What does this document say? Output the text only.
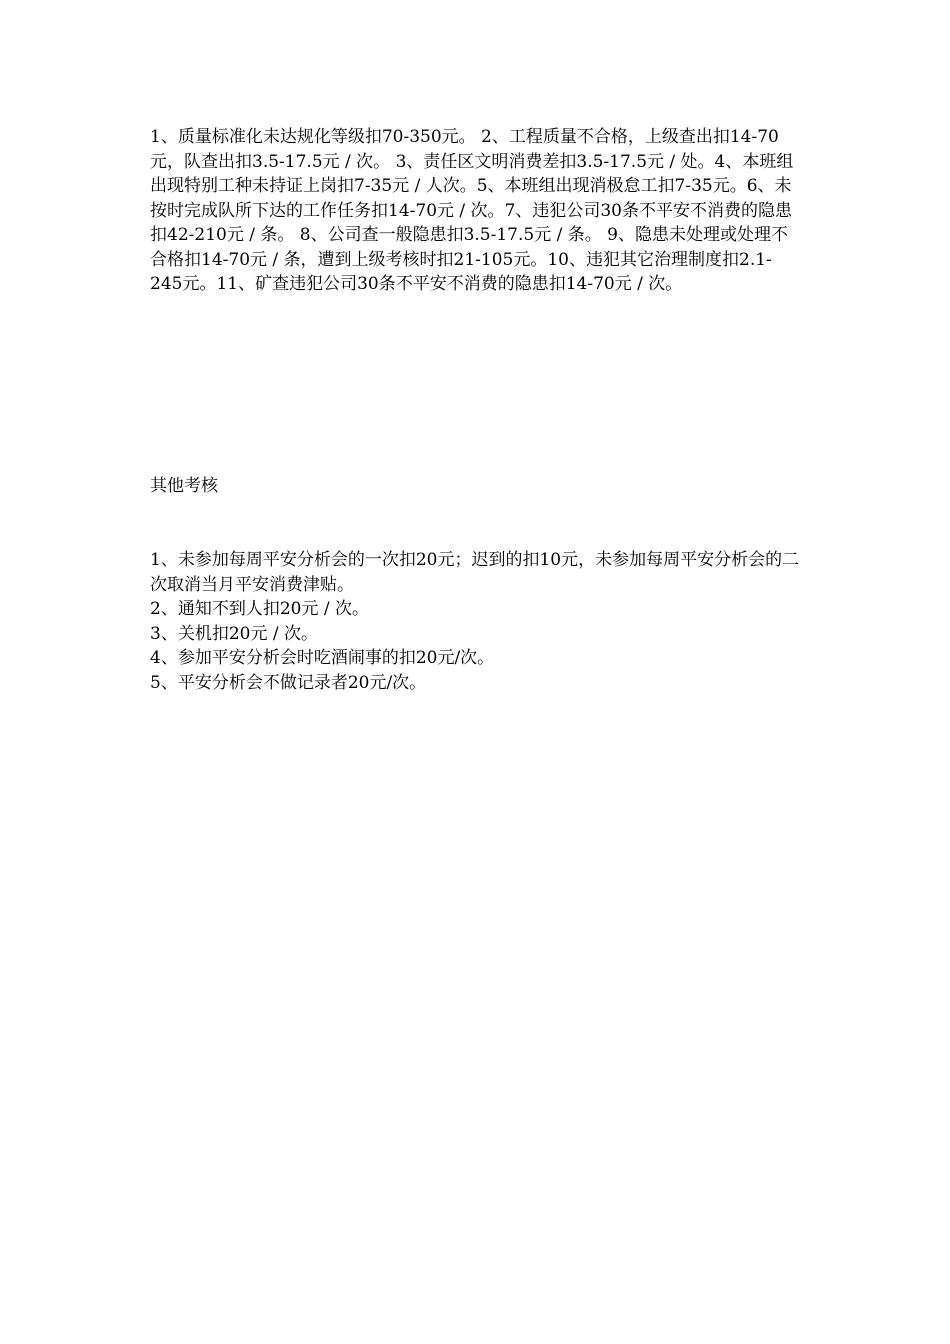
1、质量标准化未达规化等级扣70-350元。 2、工程质量不合格，上级查出扣14-70元，队查出扣3.5-17.5元 / 次。 3、责任区文明消费差扣3.5-17.5元 / 处。4、本班组出现特别工种未持证上岗扣7-35元 / 人次。5、本班组出现消极怠工扣7-35元。6、未按时完成队所下达的工作任务扣14-70元 / 次。7、违犯公司30条不平安不消费的隐患扣42-210元 / 条。 8、公司查一般隐患扣3.5-17.5元 / 条。 9、隐患未处理或处理不合格扣14-70元 / 条，遭到上级考核时扣21-105元。10、违犯其它治理制度扣2.1-245元。11、矿查违犯公司30条不平安不消费的隐患扣14-70元 / 次。

其他考核

1、未参加每周平安分析会的一次扣20元；迟到的扣10元，未参加每周平安分析会的二次取消当月平安消费津贴。
2、通知不到人扣20元 / 次。
3、关机扣20元 / 次。
4、参加平安分析会时吃酒闹事的扣20元/次。
5、平安分析会不做记录者20元/次。
